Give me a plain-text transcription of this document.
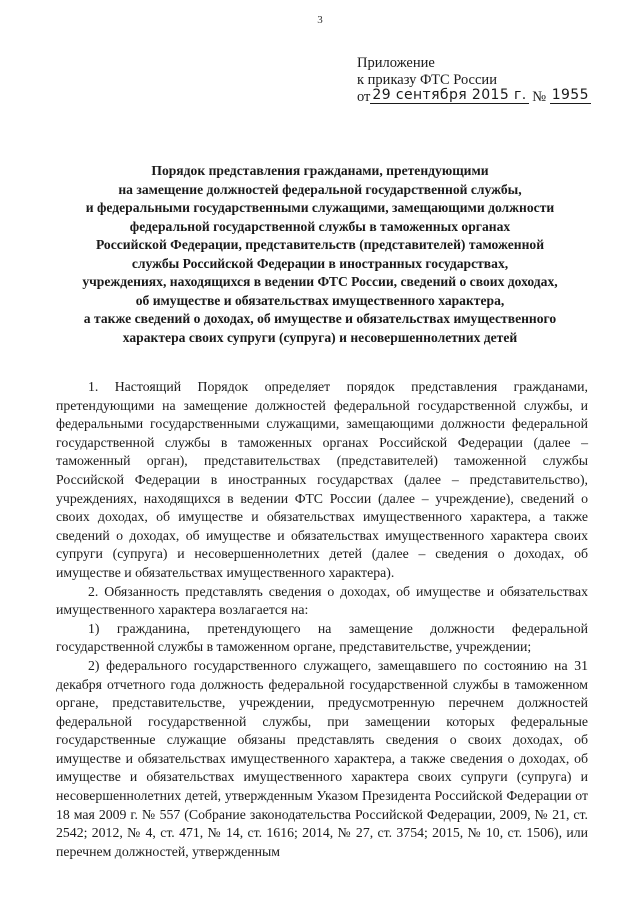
3
Приложение
к приказу ФТС России
от 29 сентября 2015 г. № 1955
Порядок представления гражданами, претендующими
на замещение должностей федеральной государственной службы,
и федеральными государственными служащими, замещающими должности
федеральной государственной службы в таможенных органах
Российской Федерации, представительств (представителей) таможенной
службы Российской Федерации в иностранных государствах,
учреждениях, находящихся в ведении ФТС России, сведений о своих доходах,
об имуществе и обязательствах имущественного характера,
а также сведений о доходах, об имуществе и обязательствах имущественного
характера своих супруги (супруга) и несовершеннолетних детей

1. Настоящий Порядок определяет порядок представления гражданами, претендующими на замещение должностей федеральной государственной службы, и федеральными государственными служащими, замещающими должности федеральной государственной службы в таможенных органах Российской Федерации (далее – таможенный орган), представительствах (представителей) таможенной службы Российской Федерации в иностранных государствах (далее – представительство), учреждениях, находящихся в ведении ФТС России (далее – учреждение), сведений о своих доходах, об имуществе и обязательствах имущественного характера, а также сведений о доходах, об имуществе и обязательствах имущественного характера своих супруги (супруга) и несовершеннолетних детей (далее – сведения о доходах, об имуществе и обязательствах имущественного характера).

2. Обязанность представлять сведения о доходах, об имуществе и обязательствах имущественного характера возлагается на:

1) гражданина, претендующего на замещение должности федеральной государственной службы в таможенном органе, представительстве, учреждении;

2) федерального государственного служащего, замещавшего по состоянию на 31 декабря отчетного года должность федеральной государственной службы в таможенном органе, представительстве, учреждении, предусмотренную перечнем должностей федеральной государственной службы, при замещении которых федеральные государственные служащие обязаны представлять сведения о своих доходах, об имуществе и обязательствах имущественного характера, а также сведения о доходах, об имуществе и обязательствах имущественного характера своих супруги (супруга) и несовершеннолетних детей, утвержденным Указом Президента Российской Федерации от 18 мая 2009 г. № 557 (Собрание законодательства Российской Федерации, 2009, № 21, ст. 2542; 2012, № 4, ст. 471, № 14, ст. 1616; 2014, № 27, ст. 3754; 2015, № 10, ст. 1506), или перечнем должностей, утвержденным
